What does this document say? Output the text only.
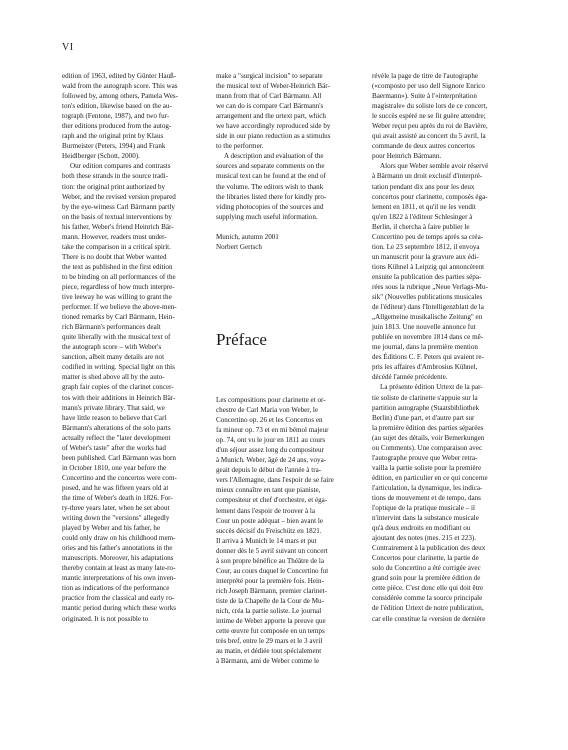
VI
edition of 1963, edited by Günter Hauß-
wald from the autograph score. This was
followed by, among others, Pamela Wes-
ton's edition, likewise based on the au-
tograph (Fentone, 1987), and two fur-
ther editions produced from the autog-
raph and the original print by Klaus
Burmeister (Peters, 1994) and Frank
Heidlberger (Schott, 2000).
Our edition compares and contrasts
both these strands in the source tradi-
tion: the original print authorized by
Weber, and the revised version prepared
by the eye-witness Carl Bärmann partly
on the basis of textual interventions by
his father, Weber's friend Heinrich Bär-
mann. However, readers must under-
take the comparison in a critical spirit.
There is no doubt that Weber wanted
the text as published in the first edition
to be binding on all performances of the
piece, regardless of how much interpre-
tive leeway he was willing to grant the
performer. If we believe the above-men-
tioned remarks by Carl Bärmann, Hein-
rich Bärmann's performances dealt
quite liberally with the musical text of
the autograph score – with Weber's
sanction, albeit many details are not
codified in writing. Special light on this
matter is shed above all by the auto-
graph fair copies of the clarinet concer-
tos with their additions in Heinrich Bär-
mann's private library. That said, we
have little reason to believe that Carl
Bärmann's alterations of the solo parts
actually reflect the "later development
of Weber's taste" after the works had
been published. Carl Bärmann was born
in October 1810, one year before the
Concertino and the concertos were com-
posed, and he was fifteen years old at
the time of Weber's death in 1826. For-
ty-three years later, when he set about
writing down the "versions" allegedly
played by Weber and his father, he
could only draw on his childhood mem-
ories and his father's annotations in the
manuscripts. Moreover, his adaptations
thereby contain at least as many late-ro-
mantic interpretations of his own inven-
tion as indications of the performance
practice from the classical and early ro-
mantic period during which these works
originated. It is not possible to
make a "surgical incision" to separate
the musical text of Weber-Heinrich Bär-
mann from that of Carl Bärmann. All
we can do is compare Carl Bärmann's
arrangement and the urtext part, which
we have accordingly reproduced side by
side in our piano reduction as a stimulus
to the performer.
A description and evaluation of the
sources and separate comments on the
musical text can be found at the end of
the volume. The editors wish to thank
the libraries listed there for kindly pro-
viding photocopies of the sources and
supplying much useful information.

Munich, autumn 2001

Norbert Gertsch

Préface
Les compositions pour clarinette et or-
chestre de Carl Maria von Weber, le
Concertino op. 26 et les Concertos en
fa mineur op. 73 et en mi bémol majeur
op. 74, ont vu le jour en 1811 au cours
d'un séjour assez long du compositeur
à Munich. Weber, âgé de 24 ans, voya-
geait depuis le début de l'année à tra-
vers l'Allemagne, dans l'espoir de se faire
mieux connaître en tant que pianiste,
compositeur et chef d'orchestre, et éga-
lement dans l'espoir de trouver à la
Cour un poste adéquat – bien avant le
succès décisif du Freischütz en 1821.
Il arriva à Munich le 14 mars et put
donner dès le 5 avril suivant un concert
à son propre bénéfice au Théâtre de la
Cour, au cours duquel le Concertino fut
interprété pour la première fois. Hein-
rich Joseph Bärmann, premier clarinet-
tiste de la Chapelle de la Cour de Mu-
nich, créa la partie soliste. Le journal
intime de Weber apporte la preuve que
cette œuvre fut composée en un temps
très bref, entre le 29 mars et le 3 avril
au matin, et dédiée tout spécialement
à Bärmann, ami de Weber comme le
révèle la page de titre de l'autographe
(«composto per uso dell Signore Enrico
Baermann»). Suite à l'«interprétation
magistrale» du soliste lors de ce concert,
le succès espéré ne se fit guère attendre;
Weber reçut peu après du roi de Bavière,
qui avait assisté au concert du 5 avril, la
commande de deux autres concertos
pour Heinrich Bärmann.
Alors que Weber semble avoir réservé
à Bärmann un droit exclusif d'interpré-
tation pendant dix ans pour les deux
concertos pour clarinette, composés éga-
lement en 1811, et qu'il ne les vendit
qu'en 1822 à l'éditeur Schlesinger à
Berlin, il chercha à faire publier le
Concertino peu de temps après sa créa-
tion. Le 23 septembre 1812, il envoya
un manuscrit pour la gravure aux édi-
tions Kühnel à Leipzig qui annoncèrent
ensuite la publication des parties sépa-
rées sous la rubrique „Neue Verlags-Mu-
sik" (Nouvelles publications musicales
de l'éditeur) dans l'Intelligenzblatt de la
„Allgemeine musikalische Zeitung" en
juin 1813. Une nouvelle annonce fut
publiée en novembre 1814 dans ce mê-
me journal, dans la première mention
des Éditions C. F. Peters qui avaient re-
pris les affaires d'Ambrosius Kühnel,
décédé l'année précédente.
La présente édition Urtext de la par-
tie soliste de clarinette s'appuie sur la
partition autographe (Staatsbibliothek
Berlin) d'une part, et d'autre part sur
la première édition des parties séparées
(au sujet des détails, voir Bemerkungen
ou Comments). Une comparaison avec
l'autographe prouve que Weber retra-
vailla la partie soliste pour la première
édition, en particulier en ce qui concerne
l'articulation, la dynamique, les indica-
tions de mouvement et de tempo, dans
l'optique de la pratique musicale – il
n'intervint dans la substance musicale
qu'à deux endroits en modifiant ou
ajoutant des notes (mes. 215 et 223).
Contrairement à la publication des deux
Concertos pour clarinette, la partie de
solo du Concertino a été corrigée avec
grand soin pour la première édition de
cette pièce. C'est donc elle qui doit être
considérée comme la source principale
de l'édition Urtext de notre publication,
car elle constitue la ‹version de dernière
